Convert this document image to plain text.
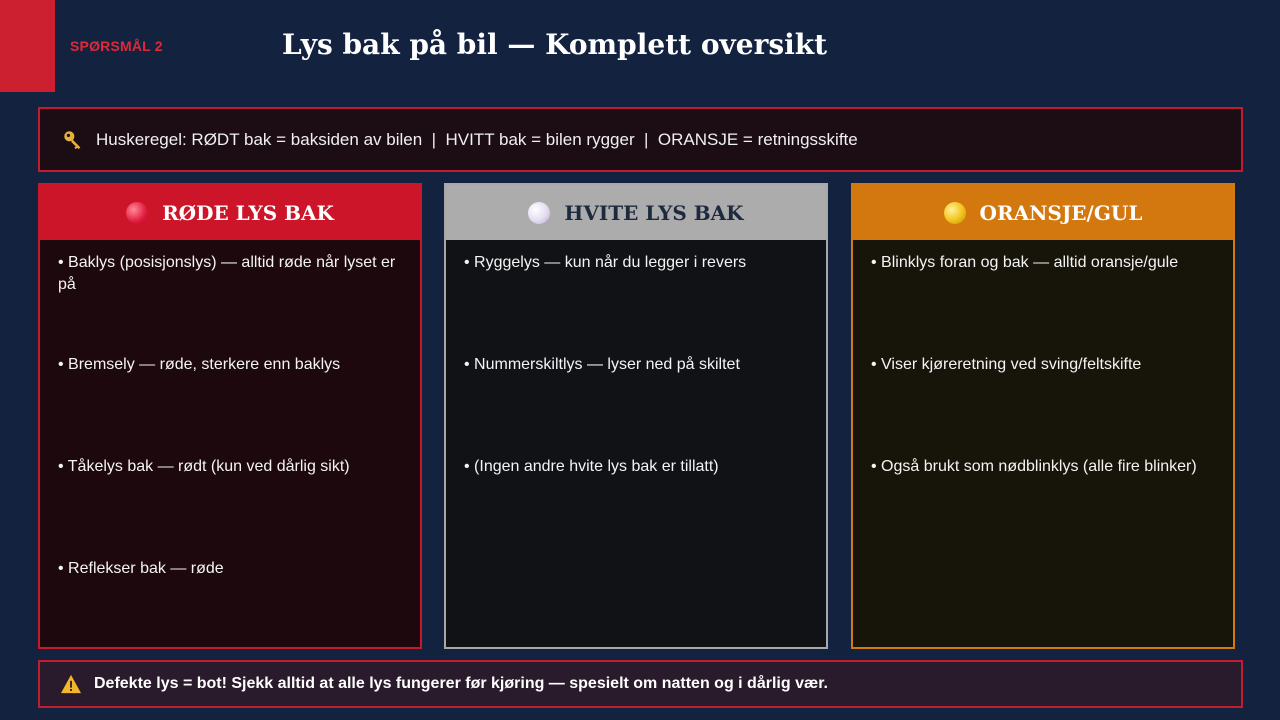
SPØRSMÅL 2	Lys bak på bil — Komplett oversikt
Huskeregel: RØDT bak = baksiden av bilen  |  HVITT bak = bilen rygger  |  ORANSJE = retningsskifte
RØDE LYS BAK
• Baklys (posisjonslys) — alltid røde når lyset er på
• Bremsely — røde, sterkere enn baklys
• Tåkelys bak — rødt (kun ved dårlig sikt)
• Reflekser bak — røde
HVITE LYS BAK
• Ryggelys — kun når du legger i revers
• Nummerskiltlys — lyser ned på skiltet
• (Ingen andre hvite lys bak er tillatt)
ORANSJE/GUL
• Blinklys foran og bak — alltid oransje/gule
• Viser kjøreretning ved sving/feltskifte
• Også brukt som nødblinklys (alle fire blinker)
Defekte lys = bot! Sjekk alltid at alle lys fungerer før kjøring — spesielt om natten og i dårlig vær.
